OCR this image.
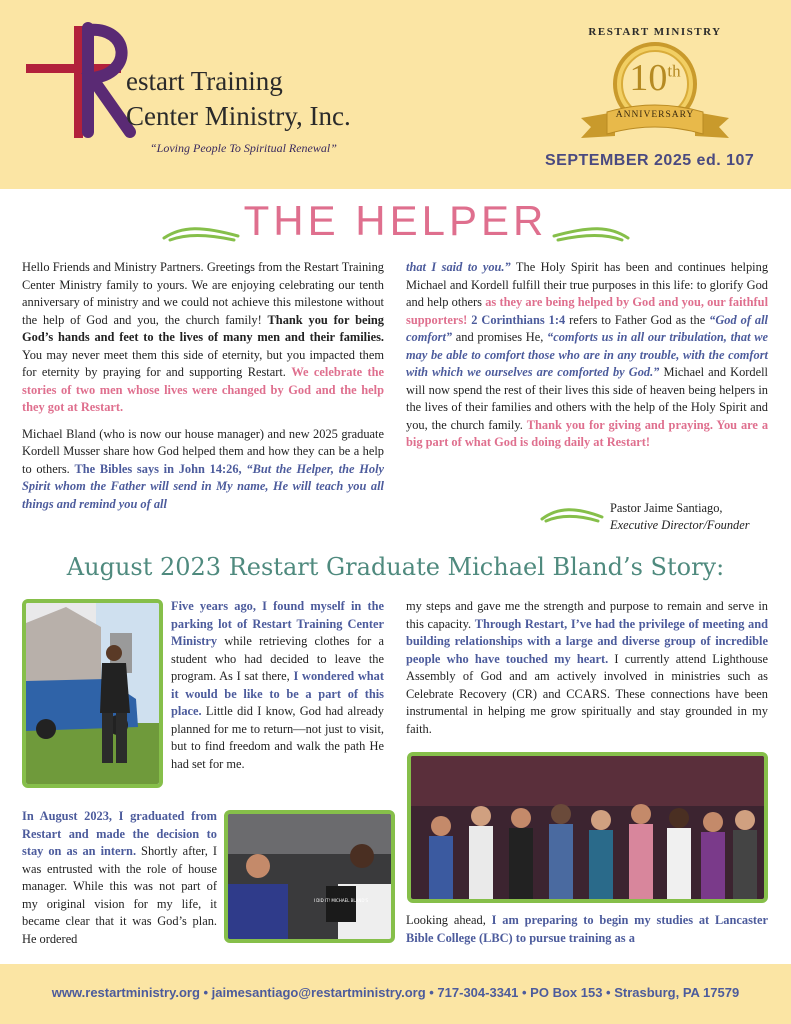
estart Training
Center Ministry, Inc.
“Loving People To Spiritual Renewal”
RESTART MINISTRY
10th
ANNIVERSARY
SEPTEMBER 2025 ed. 107
THE HELPER

Hello Friends and Ministry Partners. Greetings from the Restart Training Center Ministry family to yours. We are enjoying celebrating our tenth anniversary of ministry and we could not achieve this milestone without the help of God and you, the church family! Thank you for being God’s hands and feet to the lives of many men and their families. You may never meet them this side of eternity, but you impacted them for eternity by praying for and supporting Restart. We celebrate the stories of two men whose lives were changed by God and the help they got at Restart.

Michael Bland (who is now our house manager) and new 2025 graduate Kordell Musser share how God helped them and how they can be a help to others. The Bibles says in John 14:26, “But the Helper, the Holy Spirit whom the Father will send in My name, He will teach you all things and remind you of all

that I said to you.” The Holy Spirit has been and continues helping Michael and Kordell fulfill their true purposes in this life: to glorify God and help others as they are being helped by God and you, our faithful supporters! 2 Corinthians 1:4 refers to Father God as the “God of all comfort” and promises He, “comforts us in all our tribulation, that we may be able to comfort those who are in any trouble, with the comfort with which we ourselves are comforted by God.” Michael and Kordell will now spend the rest of their lives this side of heaven being helpers in the lives of their families and others with the help of the Holy Spirit and you, the church family. Thank you for giving and praying. You are a big part of what God is doing daily at Restart!

Pastor Jaime Santiago,
Executive Director/Founder
August 2023 Restart Graduate Michael Bland’s Story:

Five years ago, I found myself in the parking lot of Restart Training Center Ministry while retrieving clothes for a student who had decided to leave the program. As I sat there, I wondered what it would be like to be a part of this place. Little did I know, God had already planned for me to return—not just to visit, but to find freedom and walk the path He had set for me.

In August 2023, I graduated from Restart and made the decision to stay on as an intern. Shortly after, I was entrusted with the role of house manager. While this was not part of my original vision for my life, it became clear that it was God’s plan. He ordered

I DID IT! MICHAEL BLAND'S

my steps and gave me the strength and purpose to remain and serve in this capacity. Through Restart, I’ve had the privilege of meeting and building relationships with a large and diverse group of incredible people who have touched my heart. I currently attend Lighthouse Assembly of God and am actively involved in ministries such as Celebrate Recovery (CR) and CCARS. These connections have been instrumental in helping me grow spiritually and stay grounded in my faith.

Looking ahead, I am preparing to begin my studies at Lancaster Bible College (LBC) to pursue training as a

www.restartministry.org • jaimesantiago@restartministry.org • 717-304-3341 • PO Box 153 • Strasburg, PA 17579
